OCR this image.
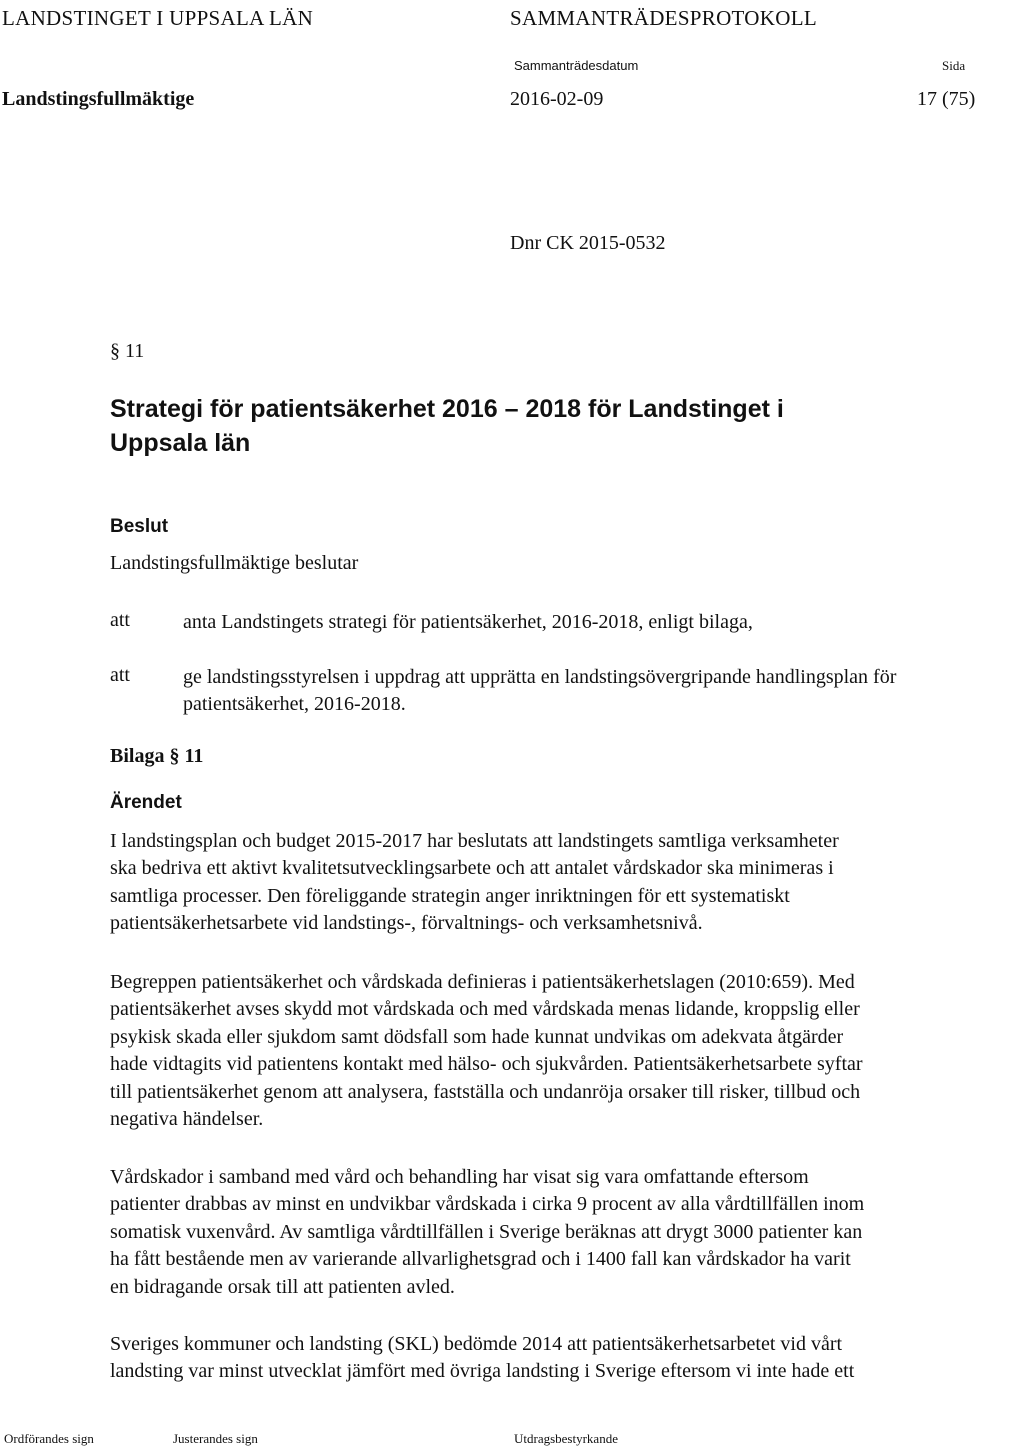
LANDSTINGET I UPPSALA LÄN	SAMMANTRÄDESPROTOKOLL
Sammanträdesdatum	Sida
Landstingsfullmäktige	2016-02-09	17 (75)
Dnr CK 2015-0532
§ 11
Strategi för patientsäkerhet 2016 – 2018 för Landstinget i Uppsala län
Beslut
Landstingsfullmäktige beslutar
att	anta Landstingets strategi för patientsäkerhet, 2016-2018, enligt bilaga,
att	ge landstingsstyrelsen i uppdrag att upprätta en landstingsövergripande handlingsplan för patientsäkerhet, 2016-2018.
Bilaga § 11
Ärendet
I landstingsplan och budget 2015-2017 har beslutats att landstingets samtliga verksamheter
ska bedriva ett aktivt kvalitetsutvecklingsarbete och att antalet vårdskador ska minimeras i
samtliga processer. Den föreliggande strategin anger inriktningen för ett systematiskt
patientsäkerhetsarbete vid landstings-, förvaltnings- och verksamhetsnivå.
Begreppen patientsäkerhet och vårdskada definieras i patientsäkerhetslagen (2010:659). Med
patientsäkerhet avses skydd mot vårdskada och med vårdskada menas lidande, kroppslig eller
psykisk skada eller sjukdom samt dödsfall som hade kunnat undvikas om adekvata åtgärder
hade vidtagits vid patientens kontakt med hälso- och sjukvården. Patientsäkerhetsarbete syftar
till patientsäkerhet genom att analysera, fastställa och undanröja orsaker till risker, tillbud och
negativa händelser.
Vårdskador i samband med vård och behandling har visat sig vara omfattande eftersom
patienter drabbas av minst en undvikbar vårdskada i cirka 9 procent av alla vårdtillfällen inom
somatisk vuxenvård. Av samtliga vårdtillfällen i Sverige beräknas att drygt 3000 patienter kan
ha fått bestående men av varierande allvarlighetsgrad och i 1400 fall kan vårdskador ha varit
en bidragande orsak till att patienten avled.
Sveriges kommuner och landsting (SKL) bedömde 2014 att patientsäkerhetsarbetet vid vårt
landsting var minst utvecklat jämfört med övriga landsting i Sverige eftersom vi inte hade ett
Ordförandes sign	Justerandes sign	Utdragsbestyrkande
